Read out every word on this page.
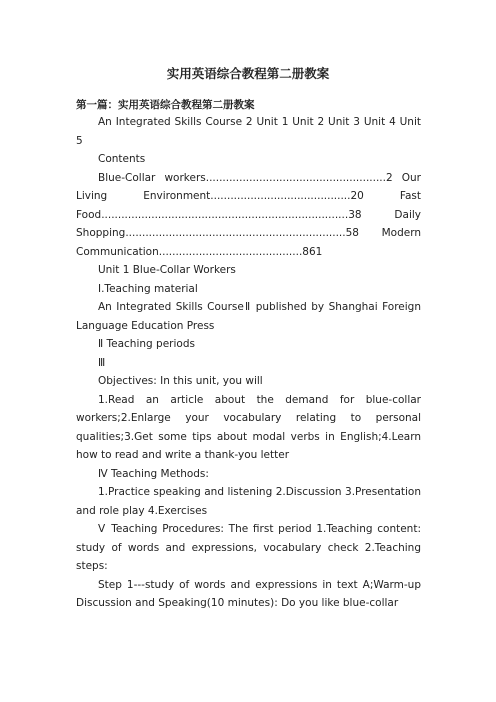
实用英语综合教程第二册教案
第一篇：实用英语综合教程第二册教案

An Integrated Skills Course 2 Unit 1 Unit 2 Unit 3 Unit 4 Unit 5

Contents

Blue-Collar workers......................................................2 Our Living Environment..........................................20	Fast Food..........................................................................38	Daily Shopping..................................................................58 Modern Communication...........................................861

Unit 1 Blue-Collar Workers

I.Teaching material

An Integrated Skills CourseⅡ published by Shanghai Foreign Language Education Press

Ⅱ Teaching periods

Ⅲ

Objectives: In this unit, you will

1.Read an article about the demand for blue-collar workers;2.Enlarge your vocabulary relating to personal qualities;3.Get some tips about modal verbs in English;4.Learn how to read and write a thank-you letter

Ⅳ Teaching Methods:

1.Practice speaking and listening 2.Discussion 3.Presentation and role play 4.Exercises

Ⅴ Teaching Procedures: The first period 1.Teaching content: study of words and expressions, vocabulary check 2.Teaching steps:

Step 1---study of words and expressions in text A;Warm-up Discussion and Speaking(10 minutes): Do you like blue-collar
